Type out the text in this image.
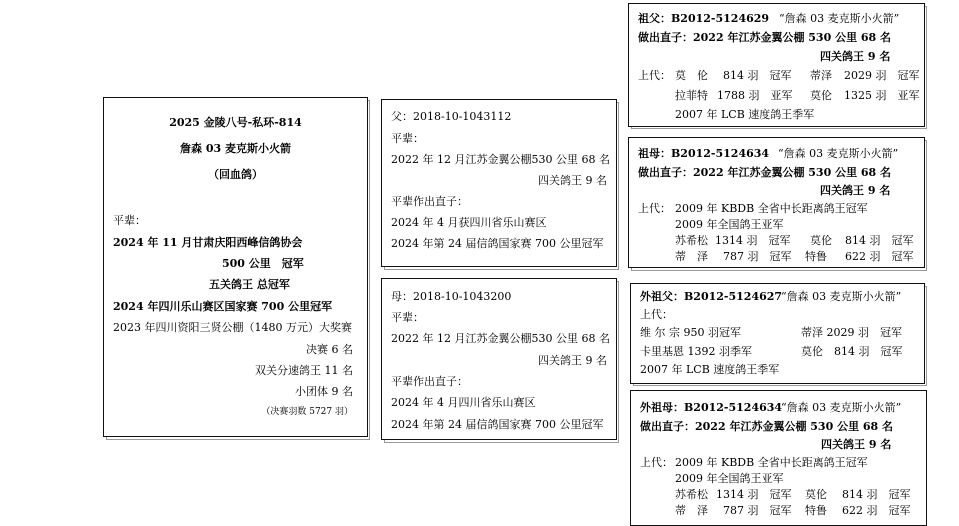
2025 金陵八号-私环-814
詹森 03 麦克斯小火箭
（回血鸽）
平辈：
2024 年 11 月甘肃庆阳西峰信鸽协会
500 公里　冠军
五关鸽王 总冠军
2024 年四川乐山赛区国家赛 700 公里冠军
2023 年四川资阳三贤公棚（1480 万元）大奖赛
决赛 6 名
双关分速鸽王 11 名
小团体 9 名
（决赛羽数 5727 羽）
父：2018-10-1043112
平辈：
2022 年 12 月江苏金翼公棚530 公里 68 名
四关鸽王 9 名
平辈作出直子：
2024 年 4 月获四川省乐山赛区
2024 年第 24 届信鸽国家赛 700 公里冠军
母：2018-10-1043200
平辈：
2022 年 12 月江苏金翼公棚530 公里 68 名
四关鸽王 9 名
平辈作出直子：
2024 年 4 月四川省乐山赛区
2024 年第 24 届信鸽国家赛 700 公里冠军
祖父：B2012-5124629 “詹森 03 麦克斯小火箭”
做出直子：2022 年江苏金翼公棚 530 公里 68 名
四关鸽王 9 名
上代： 莫　伦 814 羽　冠军 蒂泽 2029 羽　冠军
拉菲特 1788 羽　亚军 莫伦 1325 羽　亚军
2007 年 LCB 速度鸽王季军
祖母：B2012-5124634 “詹森 03 麦克斯小火箭”
做出直子：2022 年江苏金翼公棚 530 公里 68 名
四关鸽王 9 名
上代： 2009 年 KBDB 全省中长距离鸽王冠军
2009 年全国鸽王亚军
苏希松 1314 羽　冠军 莫伦 814 羽　冠军
蒂　泽 787 羽　冠军 特鲁 622 羽　冠军
外祖父：B2012-5124627
“詹森 03 麦克斯小火箭”
上代：
维 尔 宗 950 羽冠军	蒂泽 2029 羽　冠军
卡里基恩 1392 羽季军	莫伦　814 羽　冠军
2007 年 LCB 速度鸽王季军
外祖母：B2012-5124634
“詹森 03 麦克斯小火箭”
做出直子：2022 年江苏金翼公棚 530 公里 68 名
四关鸽王 9 名
上代： 2009 年 KBDB 全省中长距离鸽王冠军
2009 年全国鸽王亚军
苏希松 1314 羽　冠军 莫伦 814 羽　冠军
蒂　泽 787 羽　冠军 特鲁 622 羽　冠军
